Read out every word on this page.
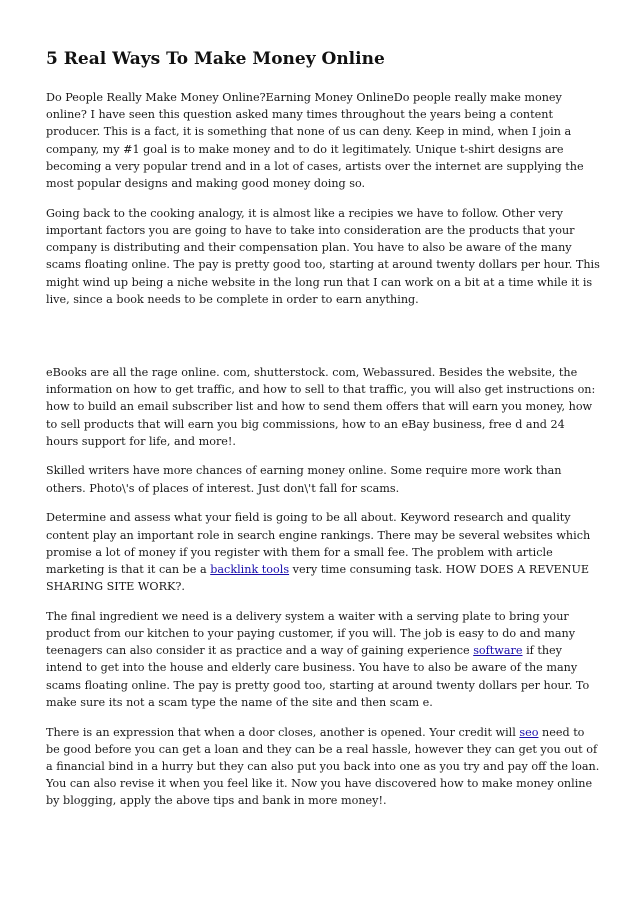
5 Real Ways To Make Money Online

Do People Really Make Money Online?Earning Money OnlineDo people really make money online? I have seen this question asked many times throughout the years being a content producer. This is a fact, it is something that none of us can deny. Keep in mind, when I join a company, my #1 goal is to make money and to do it legitimately. Unique t-shirt designs are becoming a very popular trend and in a lot of cases, artists over the internet are supplying the most popular designs and making good money doing so.

Going back to the cooking analogy, it is almost like a recipies we have to follow. Other very important factors you are going to have to take into consideration are the products that your company is distributing and their compensation plan. You have to also be aware of the many scams floating online. The pay is pretty good too, starting at around twenty dollars per hour. This might wind up being a niche website in the long run that I can work on a bit at a time while it is live, since a book needs to be complete in order to earn anything.

eBooks are all the rage online. com, shutterstock. com, Webassured. Besides the website, the information on how to get traffic, and how to sell to that traffic, you will also get instructions on: how to build an email subscriber list and how to send them offers that will earn you money, how to sell products that will earn you big commissions, how to an eBay business, free d and 24 hours support for life, and more!.

Skilled writers have more chances of earning money online. Some require more work than others. Photo\'s of places of interest. Just don\'t fall for scams.

Determine and assess what your field is going to be all about. Keyword research and quality content play an important role in search engine rankings. There may be several websites which promise a lot of money if you register with them for a small fee. The problem with article marketing is that it can be a backlink tools very time consuming task. HOW DOES A REVENUE SHARING SITE WORK?.

The final ingredient we need is a delivery system a waiter with a serving plate to bring your product from our kitchen to your paying customer, if you will. The job is easy to do and many teenagers can also consider it as practice and a way of gaining experience software if they intend to get into the house and elderly care business. You have to also be aware of the many scams floating online. The pay is pretty good too, starting at around twenty dollars per hour. To make sure its not a scam type the name of the site and then scam e.

There is an expression that when a door closes, another is opened. Your credit will seo need to be good before you can get a loan and they can be a real hassle, however they can get you out of a financial bind in a hurry but they can also put you back into one as you try and pay off the loan. You can also revise it when you feel like it. Now you have discovered how to make money online by blogging, apply the above tips and bank in more money!.
